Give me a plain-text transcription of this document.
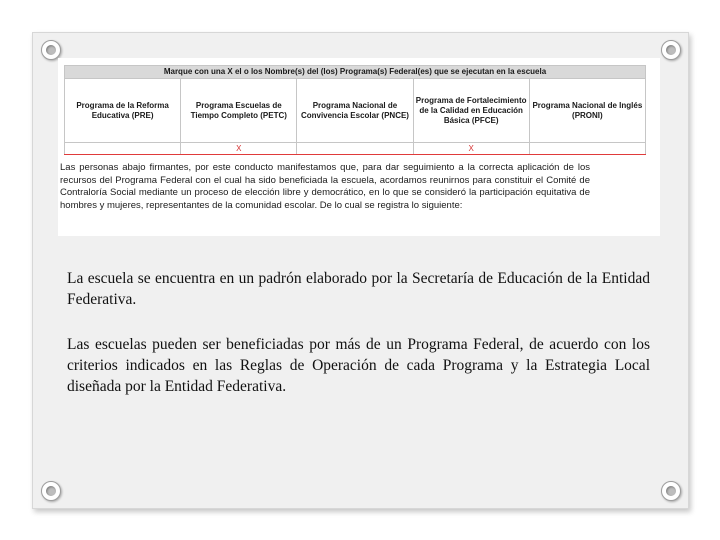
Marque con una X el o los Nombre(s) del (los) Programa(s) Federal(es) que se ejecutan en la escuela				
Programa de la Reforma Educativa (PRE)	Programa Escuelas de Tiempo Completo (PETC)	Programa Nacional de Convivencia Escolar (PNCE)	Programa de Fortalecimiento de la Calidad en Educación Básica (PFCE)	Programa Nacional de Inglés (PRONI)
	X		X	
Las personas abajo firmantes, por este conducto manifestamos que, para dar seguimiento a la correcta aplicación de los recursos del Programa Federal con el cual ha sido beneficiada la escuela, acordamos reunirnos para constituir el Comité de Contraloría Social mediante un proceso de elección libre y democrático, en lo que se consideró la participación equitativa de hombres y mujeres, representantes de la comunidad escolar. De lo cual se registra lo siguiente:

La escuela se encuentra en un padrón elaborado por la Secretaría de Educación de la Entidad Federativa.

Las escuelas pueden ser beneficiadas por más de un Programa Federal, de acuerdo con los criterios indicados en las Reglas de Operación de cada Programa y la Estrategia Local diseñada por la Entidad Federativa.
